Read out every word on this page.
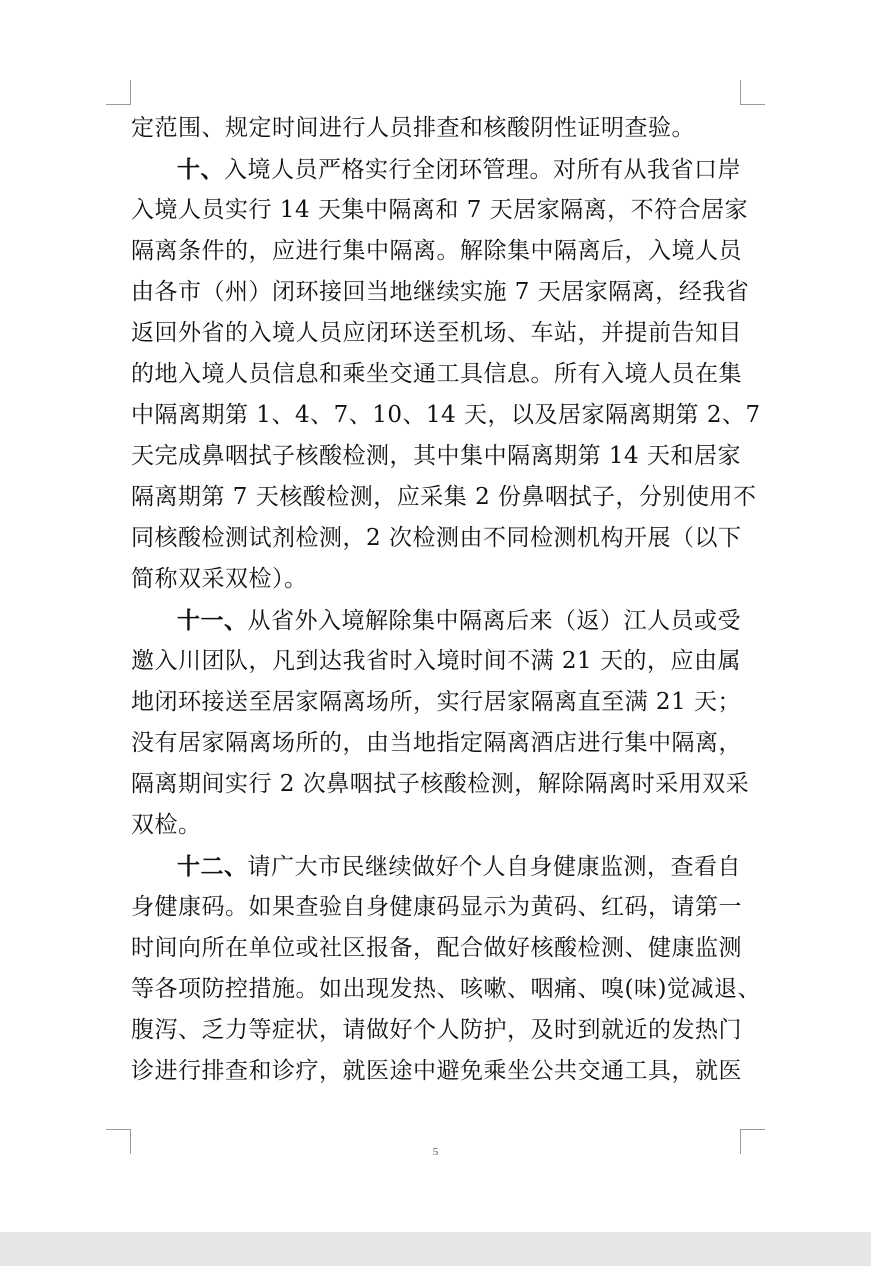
定范围、规定时间进行人员排查和核酸阴性证明查验。
十、入境人员严格实行全闭环管理。对所有从我省口岸
入境人员实行 14 天集中隔离和 7 天居家隔离，不符合居家
隔离条件的，应进行集中隔离。解除集中隔离后，入境人员
由各市（州）闭环接回当地继续实施 7 天居家隔离，经我省
返回外省的入境人员应闭环送至机场、车站，并提前告知目
的地入境人员信息和乘坐交通工具信息。所有入境人员在集
中隔离期第 1、4、7、10、14 天，以及居家隔离期第 2、7
天完成鼻咽拭子核酸检测，其中集中隔离期第 14 天和居家
隔离期第 7 天核酸检测，应采集 2 份鼻咽拭子，分别使用不
同核酸检测试剂检测，2 次检测由不同检测机构开展（以下
简称双采双检）。
十一、从省外入境解除集中隔离后来（返）江人员或受
邀入川团队，凡到达我省时入境时间不满 21 天的，应由属
地闭环接送至居家隔离场所，实行居家隔离直至满 21 天；
没有居家隔离场所的，由当地指定隔离酒店进行集中隔离，
隔离期间实行 2 次鼻咽拭子核酸检测，解除隔离时采用双采
双检。
十二、请广大市民继续做好个人自身健康监测，查看自
身健康码。如果查验自身健康码显示为黄码、红码，请第一
时间向所在单位或社区报备，配合做好核酸检测、健康监测
等各项防控措施。如出现发热、咳嗽、咽痛、嗅(味)觉减退、
腹泻、乏力等症状，请做好个人防护，及时到就近的发热门
诊进行排查和诊疗，就医途中避免乘坐公共交通工具，就医
5
